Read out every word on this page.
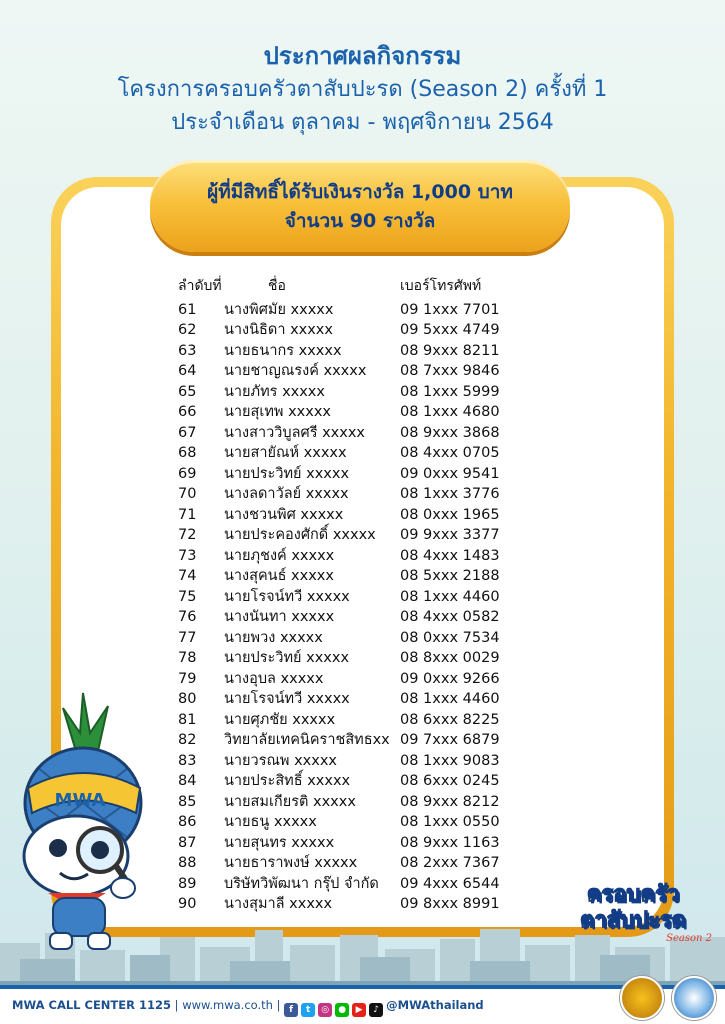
ประกาศผลกิจกรรม
โครงการครอบครัวตาสับปะรด (Season 2) ครั้งที่ 1
ประจำเดือน ตุลาคม - พฤศจิกายน 2564
ผู้ที่มีสิทธิ์ได้รับเงินรางวัล 1,000 บาท
จำนวน 90 รางวัล
ลำดับที่	ชื่อ	เบอร์โทรศัพท์
61 นางพิศมัย xxxxx	09 1xxx 7701
62 นางนิธิดา xxxxx	09 5xxx 4749
63 นายธนากร xxxxx	08 9xxx 8211
64 นายชาญณรงค์ xxxxx 08 7xxx 9846
65 นายภัทร xxxxx	08 1xxx 5999
66 นายสุเทพ xxxxx	08 1xxx 4680
67 นางสาววิบูลศรี xxxxx 08 9xxx 3868
68 นายสายัณห์ xxxxx	08 4xxx 0705
69 นายประวิทย์ xxxxx	09 0xxx 9541
70 นางลดาวัลย์ xxxxx	08 1xxx 3776
71 นางชวนพิศ xxxxx	08 0xxx 1965
72 นายประคองศักดิ์ xxxxx 09 9xxx 3377
73 นายภุชงค์ xxxxx	08 4xxx 1483
74 นางสุคนธ์ xxxxx	08 5xxx 2188
75 นายโรจน์ทวี xxxxx	08 1xxx 4460
76 นางนันทา xxxxx	08 4xxx 0582
77 นายพวง xxxxx	08 0xxx 7534
78 นายประวิทย์ xxxxx	08 8xxx 0029
79 นางอุบล xxxxx	09 0xxx 9266
80 นายโรจน์ทวี xxxxx	08 1xxx 4460
81 นายศุภชัย xxxxx	08 6xxx 8225
82 วิทยาลัยเทคนิคราชสิทธxx 09 7xxx 6879
83 นายวรณพ xxxxx	08 1xxx 9083
84 นายประสิทธิ์ xxxxx	08 6xxx 0245
85 นายสมเกียรติ xxxxx	08 9xxx 8212
86 นายธนู xxxxx	08 1xxx 0550
87 นายสุนทร xxxxx	08 9xxx 1163
88 นายธาราพงษ์ xxxxx	08 2xxx 7367
89 บริษัทวิพัฒนา กรุ๊ป จำกัด 09 4xxx 6544
90 นางสุมาลี xxxxx	09 8xxx 8991
MWA
ครอบครัว
ตาสับปะรด
Season 2
MWA CALL CENTER 1125 | www.mwa.co.th | f t ◎ ● ▶ ♪ @MWAthailand
